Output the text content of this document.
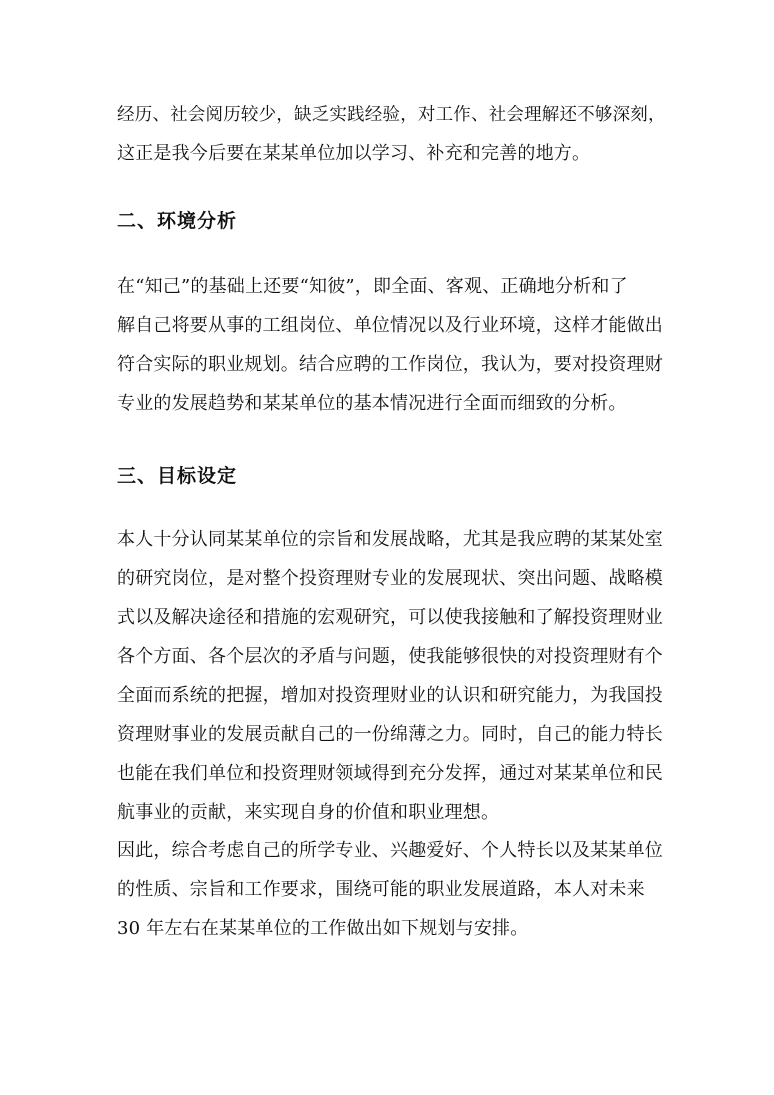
经历、社会阅历较少，缺乏实践经验，对工作、社会理解还不够深刻，
这正是我今后要在某某单位加以学习、补充和完善的地方。
二、环境分析
在“知己”的基础上还要“知彼”，即全面、客观、正确地分析和了
解自己将要从事的工组岗位、单位情况以及行业环境，这样才能做出
符合实际的职业规划。结合应聘的工作岗位，我认为，要对投资理财
专业的发展趋势和某某单位的基本情况进行全面而细致的分析。
三、目标设定
本人十分认同某某单位的宗旨和发展战略，尤其是我应聘的某某处室
的研究岗位，是对整个投资理财专业的发展现状、突出问题、战略模
式以及解决途径和措施的宏观研究，可以使我接触和了解投资理财业
各个方面、各个层次的矛盾与问题，使我能够很快的对投资理财有个
全面而系统的把握，增加对投资理财业的认识和研究能力，为我国投
资理财事业的发展贡献自己的一份绵薄之力。同时，自己的能力特长
也能在我们单位和投资理财领域得到充分发挥，通过对某某单位和民
航事业的贡献，来实现自身的价值和职业理想。
因此，综合考虑自己的所学专业、兴趣爱好、个人特长以及某某单位
的性质、宗旨和工作要求，围绕可能的职业发展道路，本人对未来
30 年左右在某某单位的工作做出如下规划与安排。
